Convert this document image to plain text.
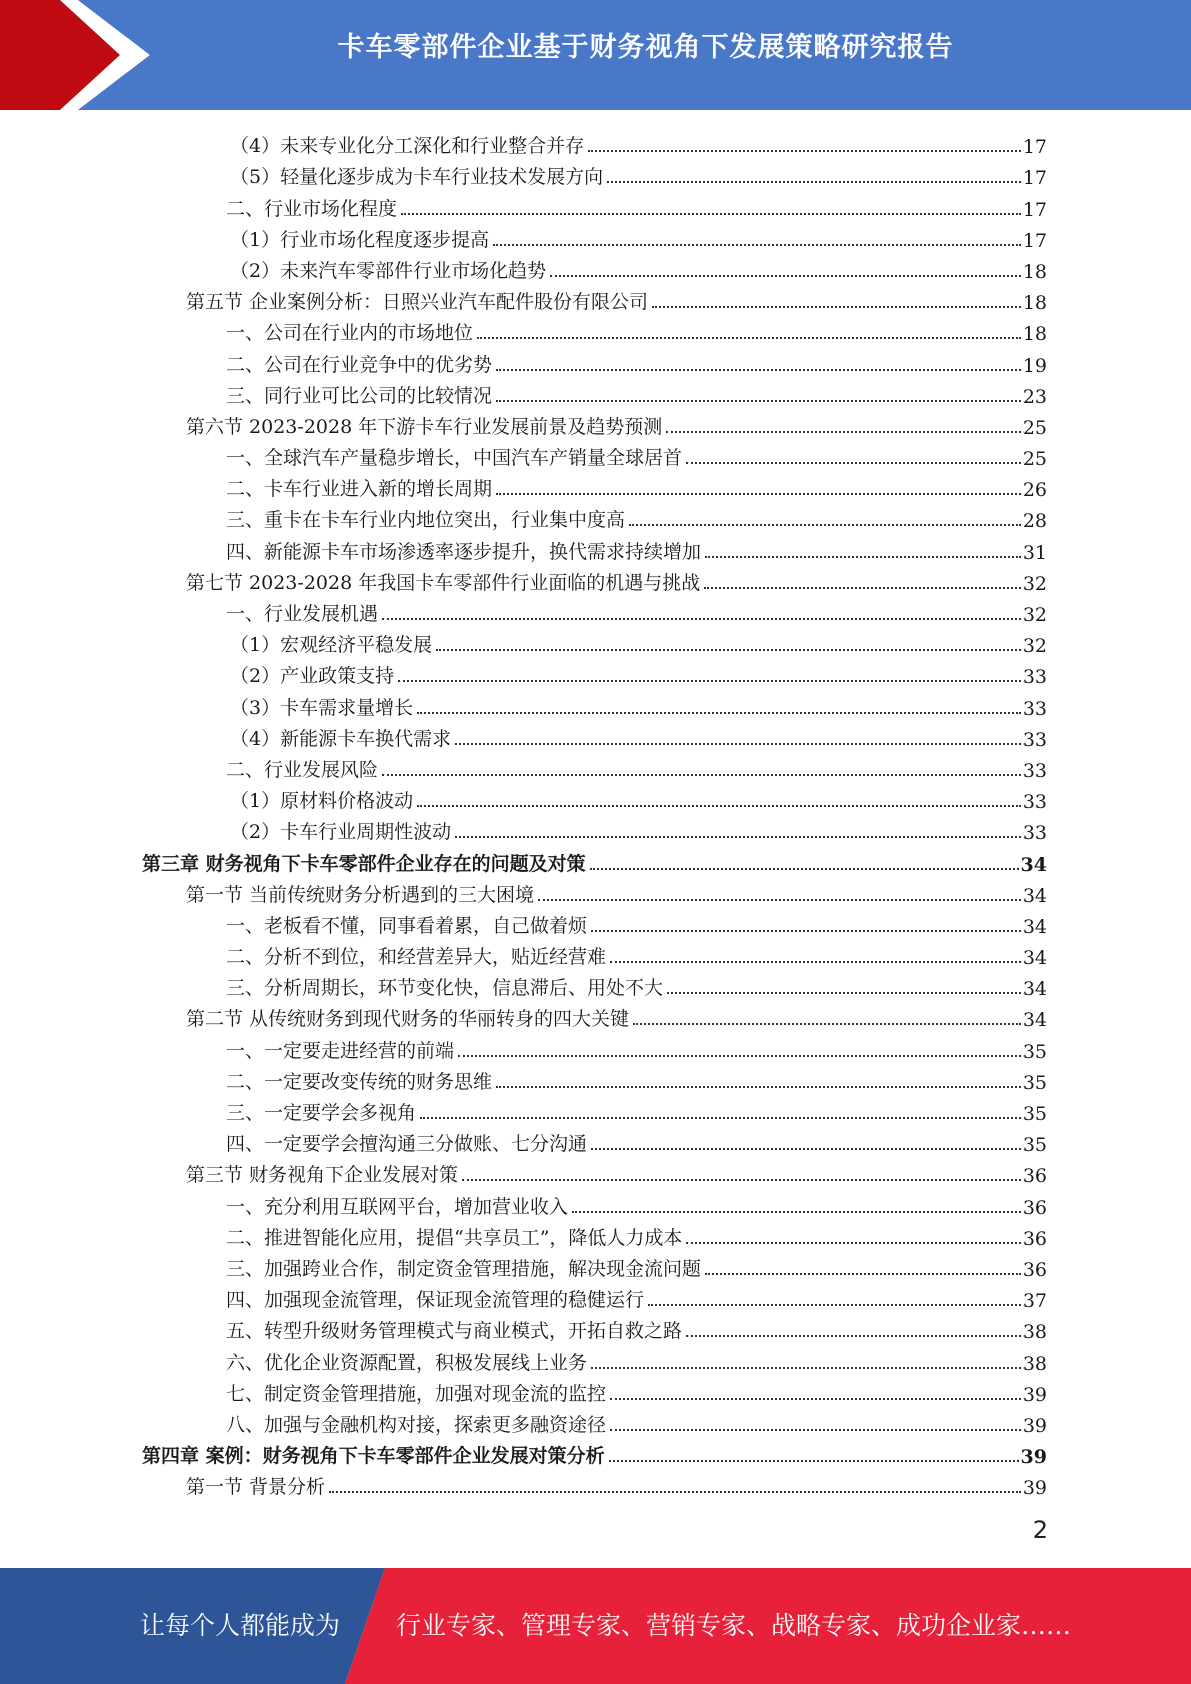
卡车零部件企业基于财务视角下发展策略研究报告
（4）未来专业化分工深化和行业整合并存	17
（5）轻量化逐步成为卡车行业技术发展方向	17
二、行业市场化程度	17
（1）行业市场化程度逐步提高	17
（2）未来汽车零部件行业市场化趋势	18
第五节 企业案例分析：日照兴业汽车配件股份有限公司	18
一、公司在行业内的市场地位	18
二、公司在行业竞争中的优劣势	19
三、同行业可比公司的比较情况	23
第六节 2023-2028 年下游卡车行业发展前景及趋势预测	25
一、全球汽车产量稳步增长，中国汽车产销量全球居首	25
二、卡车行业进入新的增长周期	26
三、重卡在卡车行业内地位突出，行业集中度高	28
四、新能源卡车市场渗透率逐步提升，换代需求持续增加	31
第七节 2023-2028 年我国卡车零部件行业面临的机遇与挑战	32
一、行业发展机遇	32
（1）宏观经济平稳发展	32
（2）产业政策支持	33
（3）卡车需求量增长	33
（4）新能源卡车换代需求	33
二、行业发展风险	33
（1）原材料价格波动	33
（2）卡车行业周期性波动	33
第三章 财务视角下卡车零部件企业存在的问题及对策	34
第一节 当前传统财务分析遇到的三大困境	34
一、老板看不懂，同事看着累，自己做着烦	34
二、分析不到位，和经营差异大，贴近经营难	34
三、分析周期长，环节变化快，信息滞后、用处不大	34
第二节 从传统财务到现代财务的华丽转身的四大关键	34
一、一定要走进经营的前端	35
二、一定要改变传统的财务思维	35
三、一定要学会多视角	35
四、一定要学会擅沟通三分做账、七分沟通	35
第三节 财务视角下企业发展对策	36
一、充分利用互联网平台，增加营业收入	36
二、推进智能化应用，提倡“共享员工”，降低人力成本	36
三、加强跨业合作，制定资金管理措施，解决现金流问题	36
四、加强现金流管理，保证现金流管理的稳健运行	37
五、转型升级财务管理模式与商业模式，开拓自救之路	38
六、优化企业资源配置，积极发展线上业务	38
七、制定资金管理措施，加强对现金流的监控	39
八、加强与金融机构对接，探索更多融资途径	39
第四章 案例：财务视角下卡车零部件企业发展对策分析	39
第一节 背景分析	39
2
让每个人都能成为 行业专家、管理专家、营销专家、战略专家、成功企业家……
